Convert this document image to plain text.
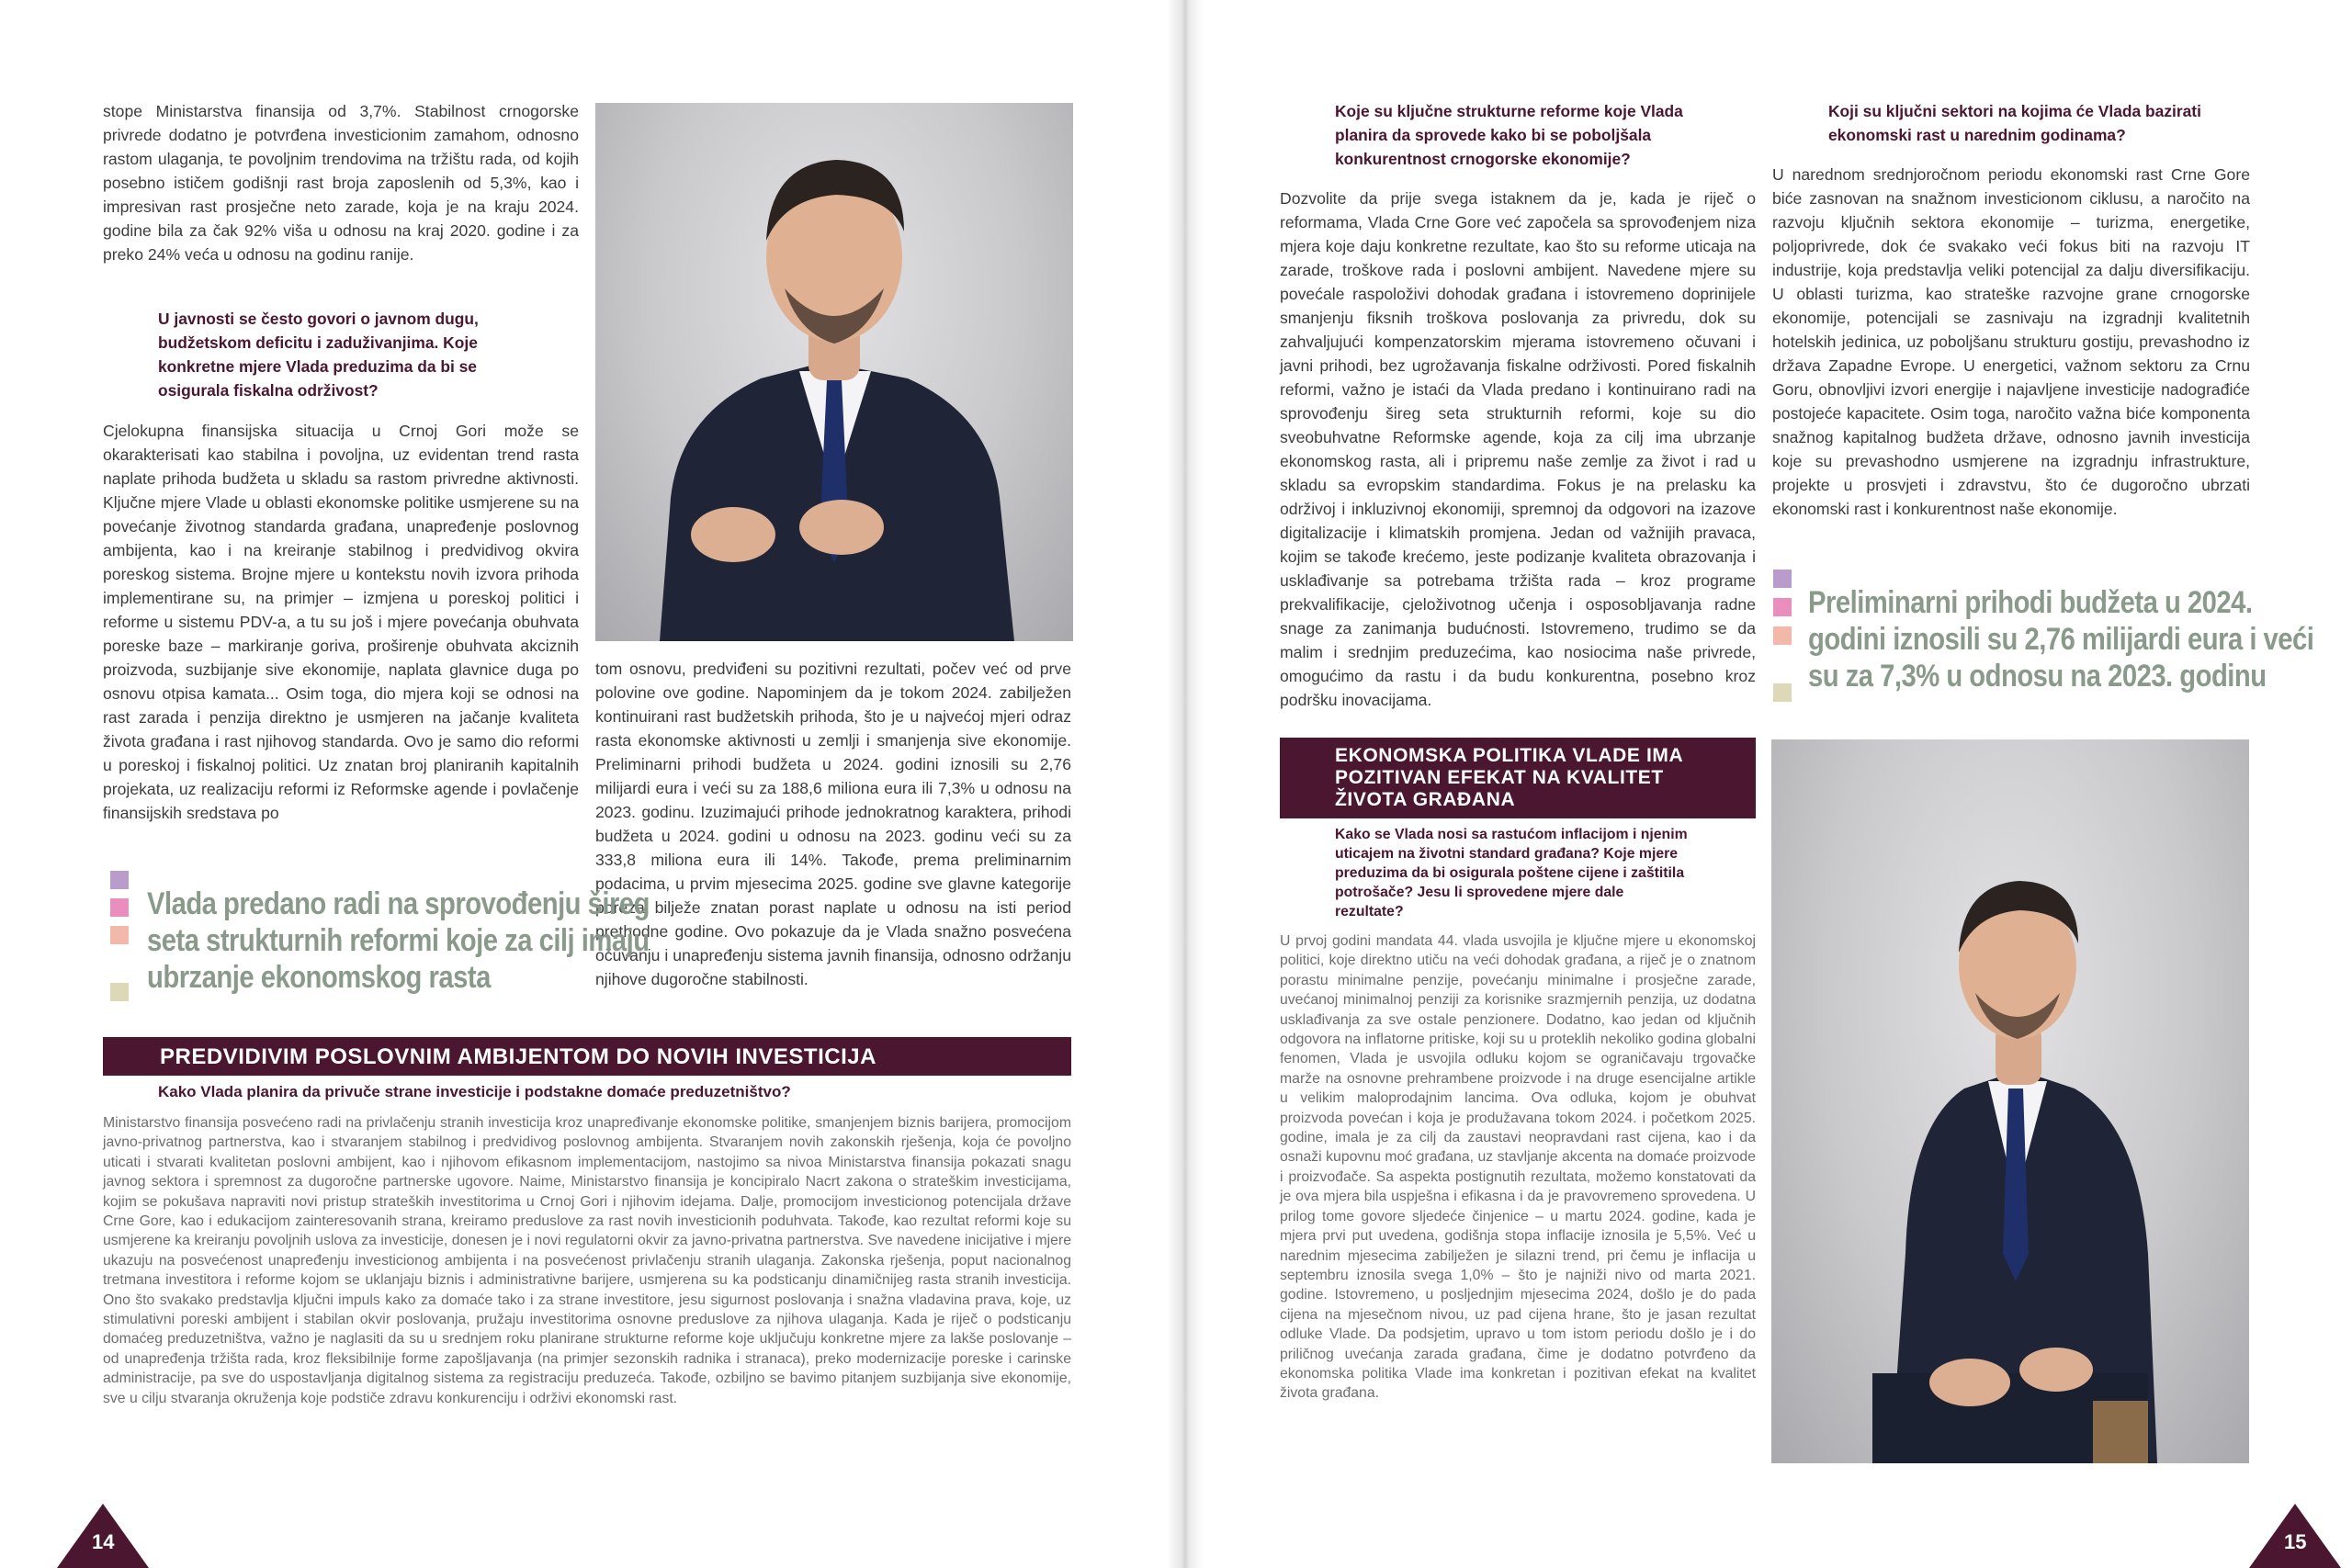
stope Ministarstva finansija od 3,7%. Stabilnost crnogorske privrede dodatno je potvrđena investicionim zamahom, odnosno rastom ulaganja, te povoljnim trendovima na tržištu rada, od kojih posebno ističem godišnji rast broja zaposlenih od 5,3%, kao i impresivan rast prosječne neto zarade, koja je na kraju 2024. godine bila za čak 92% viša u odnosu na kraj 2020. godine i za preko 24% veća u odnosu na godinu ranije.

U javnosti se često govori o javnom dugu, budžetskom deficitu i zaduživanjima. Koje konkretne mjere Vlada preduzima da bi se osigurala fiskalna održivost?

Cjelokupna finansijska situacija u Crnoj Gori može se okarakterisati kao stabilna i povoljna, uz evidentan trend rasta naplate prihoda budžeta u skladu sa rastom privredne aktivnosti. Ključne mjere Vlade u oblasti ekonomske politike usmjerene su na povećanje životnog standarda građana, unapređenje poslovnog ambijenta, kao i na kreiranje stabilnog i predvidivog okvira poreskog sistema. Brojne mjere u kontekstu novih izvora prihoda implementirane su, na primjer – izmjena u poreskoj politici i reforme u sistemu PDV-a, a tu su još i mjere povećanja obuhvata poreske baze – markiranje goriva, proširenje obuhvata akciznih proizvoda, suzbijanje sive ekonomije, naplata glavnice duga po osnovu otpisa kamata... Osim toga, dio mjera koji se odnosi na rast zarada i penzija direktno je usmjeren na jačanje kvaliteta života građana i rast njihovog standarda. Ovo je samo dio reformi u poreskoj i fiskalnoj politici. Uz znatan broj planiranih kapitalnih projekata, uz realizaciju reformi iz Reformske agende i povlačenje finansijskih sredstava po

tom osnovu, predviđeni su pozitivni rezultati, počev već od prve polovine ove godine. Napominjem da je tokom 2024. zabilježen kontinuirani rast budžetskih prihoda, što je u najvećoj mjeri odraz rasta ekonomske aktivnosti u zemlji i smanjenja sive ekonomije. Preliminarni prihodi budžeta u 2024. godini iznosili su 2,76 milijardi eura i veći su za 188,6 miliona eura ili 7,3% u odnosu na 2023. godinu. Izuzimajući prihode jednokratnog karaktera, prihodi budžeta u 2024. godini u odnosu na 2023. godinu veći su za 333,8 miliona eura ili 14%. Takođe, prema preliminarnim podacima, u prvim mjesecima 2025. godine sve glavne kategorije poreza bilježe znatan porast naplate u odnosu na isti period prethodne godine. Ovo pokazuje da je Vlada snažno posvećena očuvanju i unapređenju sistema javnih finansija, odnosno održanju njihove dugoročne stabilnosti.

Vlada predano radi na sprovođenju šireg

seta strukturnih reformi koje za cilj imaju

ubrzanje ekonomskog rasta

PREDVIDIVIM POSLOVNIM AMBIJENTOM DO NOVIH INVESTICIJA

Kako Vlada planira da privuče strane investicije i podstakne domaće preduzetništvo?

Ministarstvo finansija posvećeno radi na privlačenju stranih investicija kroz unapređivanje ekonomske politike, smanjenjem biznis barijera, promocijom javno-privatnog partnerstva, kao i stvaranjem stabilnog i predvidivog poslovnog ambijenta. Stvaranjem novih zakonskih rješenja, koja će povoljno uticati i stvarati kvalitetan poslovni ambijent, kao i njihovom efikasnom implementacijom, nastojimo sa nivoa Ministarstva finansija pokazati snagu javnog sektora i spremnost za dugoročne partnerske ugovore. Naime, Ministarstvo finansija je koncipiralo Nacrt zakona o strateškim investicijama, kojim se pokušava napraviti novi pristup strateških investitorima u Crnoj Gori i njihovim idejama. Dalje, promocijom investicionog potencijala države Crne Gore, kao i edukacijom zainteresovanih strana, kreiramo preduslove za rast novih investicionih poduhvata. Takođe, kao rezultat reformi koje su usmjerene ka kreiranju povoljnih uslova za investicije, donesen je i novi regulatorni okvir za javno-privatna partnerstva. Sve navedene inicijative i mjere ukazuju na posvećenost unapređenju investicionog ambijenta i na posvećenost privlačenju stranih ulaganja. Zakonska rješenja, poput nacionalnog tretmana investitora i reforme kojom se uklanjaju biznis i administrativne barijere, usmjerena su ka podsticanju dinamičnijeg rasta stranih investicija. Ono što svakako predstavlja ključni impuls kako za domaće tako i za strane investitore, jesu sigurnost poslovanja i snažna vladavina prava, koje, uz stimulativni poreski ambijent i stabilan okvir poslovanja, pružaju investitorima osnovne preduslove za njihova ulaganja. Kada je riječ o podsticanju domaćeg preduzetništva, važno je naglasiti da su u srednjem roku planirane strukturne reforme koje uključuju konkretne mjere za lakše poslovanje – od unapređenja tržišta rada, kroz fleksibilnije forme zapošljavanja (na primjer sezonskih radnika i stranaca), preko modernizacije poreske i carinske administracije, pa sve do uspostavljanja digitalnog sistema za registraciju preduzeća. Takođe, ozbiljno se bavimo pitanjem suzbijanja sive ekonomije, sve u cilju stvaranja okruženja koje podstiče zdravu konkurenciju i održivi ekonomski rast.

14

Koje su ključne strukturne reforme koje Vlada planira da sprovede kako bi se poboljšala konkurentnost crnogorske ekonomije?

Dozvolite da prije svega istaknem da je, kada je riječ o reformama, Vlada Crne Gore već započela sa sprovođenjem niza mjera koje daju konkretne rezultate, kao što su reforme uticaja na zarade, troškove rada i poslovni ambijent. Navedene mjere su povećale raspoloživi dohodak građana i istovremeno doprinijele smanjenju fiksnih troškova poslovanja za privredu, dok su zahvaljujući kompenzatorskim mjerama istovremeno očuvani i javni prihodi, bez ugrožavanja fiskalne održivosti. Pored fiskalnih reformi, važno je istaći da Vlada predano i kontinuirano radi na sprovođenju šireg seta strukturnih reformi, koje su dio sveobuhvatne Reformske agende, koja za cilj ima ubrzanje ekonomskog rasta, ali i pripremu naše zemlje za život i rad u skladu sa evropskim standardima. Fokus je na prelasku ka održivoj i inkluzivnoj ekonomiji, spremnoj da odgovori na izazove digitalizacije i klimatskih promjena. Jedan od važnijih pravaca, kojim se takođe krećemo, jeste podizanje kvaliteta obrazovanja i usklađivanje sa potrebama tržišta rada – kroz programe prekvalifikacije, cjeloživotnog učenja i osposobljavanja radne snage za zanimanja budućnosti. Istovremeno, trudimo se da malim i srednjim preduzećima, kao nosiocima naše privrede, omogućimo da rastu i da budu konkurentna, posebno kroz podršku inovacijama.

Koji su ključni sektori na kojima će Vlada bazirati ekonomski rast u narednim godinama?

U narednom srednjoročnom periodu ekonomski rast Crne Gore biće zasnovan na snažnom investicionom ciklusu, a naročito na razvoju ključnih sektora ekonomije – turizma, energetike, poljoprivrede, dok će svakako veći fokus biti na razvoju IT industrije, koja predstavlja veliki potencijal za dalju diversifikaciju. U oblasti turizma, kao strateške razvojne grane crnogorske ekonomije, potencijali se zasnivaju na izgradnji kvalitetnih hotelskih jedinica, uz poboljšanu strukturu gostiju, prevashodno iz država Zapadne Evrope. U energetici, važnom sektoru za Crnu Goru, obnovljivi izvori energije i najavljene investicije nadograđiće postojeće kapacitete. Osim toga, naročito važna biće komponenta snažnog kapitalnog budžeta države, odnosno javnih investicija koje su prevashodno usmjerene na izgradnju infrastrukture, projekte u prosvjeti i zdravstvu, što će dugoročno ubrzati ekonomski rast i konkurentnost naše ekonomije.

Preliminarni prihodi budžeta u 2024.

godini iznosili su 2,76 milijardi eura i veći

su za 7,3% u odnosu na 2023. godinu

EKONOMSKA POLITIKA VLADE IMA
POZITIVAN EFEKAT NA KVALITET
ŽIVOTA GRAĐANA

Kako se Vlada nosi sa rastućom inflacijom i njenim uticajem na životni standard građana? Koje mjere preduzima da bi osigurala poštene cijene i zaštitila potrošače? Jesu li sprovedene mjere dale rezultate?

U prvoj godini mandata 44. vlada usvojila je ključne mjere u ekonomskoj politici, koje direktno utiču na veći dohodak građana, a riječ je o znatnom porastu minimalne penzije, povećanju minimalne i prosječne zarade, uvećanoj minimalnoj penziji za korisnike srazmjernih penzija, uz dodatna usklađivanja za sve ostale penzionere. Dodatno, kao jedan od ključnih odgovora na inflatorne pritiske, koji su u proteklih nekoliko godina globalni fenomen, Vlada je usvojila odluku kojom se ograničavaju trgovačke marže na osnovne prehrambene proizvode i na druge esencijalne artikle u velikim maloprodajnim lancima. Ova odluka, kojom je obuhvat proizvoda povećan i koja je produžavana tokom 2024. i početkom 2025. godine, imala je za cilj da zaustavi neopravdani rast cijena, kao i da osnaži kupovnu moć građana, uz stavljanje akcenta na domaće proizvode i proizvođače. Sa aspekta postignutih rezultata, možemo konstatovati da je ova mjera bila uspješna i efikasna i da je pravovremeno sprovedena. U prilog tome govore sljedeće činjenice – u martu 2024. godine, kada je mjera prvi put uvedena, godišnja stopa inflacije iznosila je 5,5%. Već u narednim mjesecima zabilježen je silazni trend, pri čemu je inflacija u septembru iznosila svega 1,0% – što je najniži nivo od marta 2021. godine. Istovremeno, u posljednjim mjesecima 2024, došlo je do pada cijena na mjesečnom nivou, uz pad cijena hrane, što je jasan rezultat odluke Vlade. Da podsjetim, upravo u tom istom periodu došlo je i do priličnog uvećanja zarada građana, čime je dodatno potvrđeno da ekonomska politika Vlade ima konkretan i pozitivan efekat na kvalitet života građana.

15
